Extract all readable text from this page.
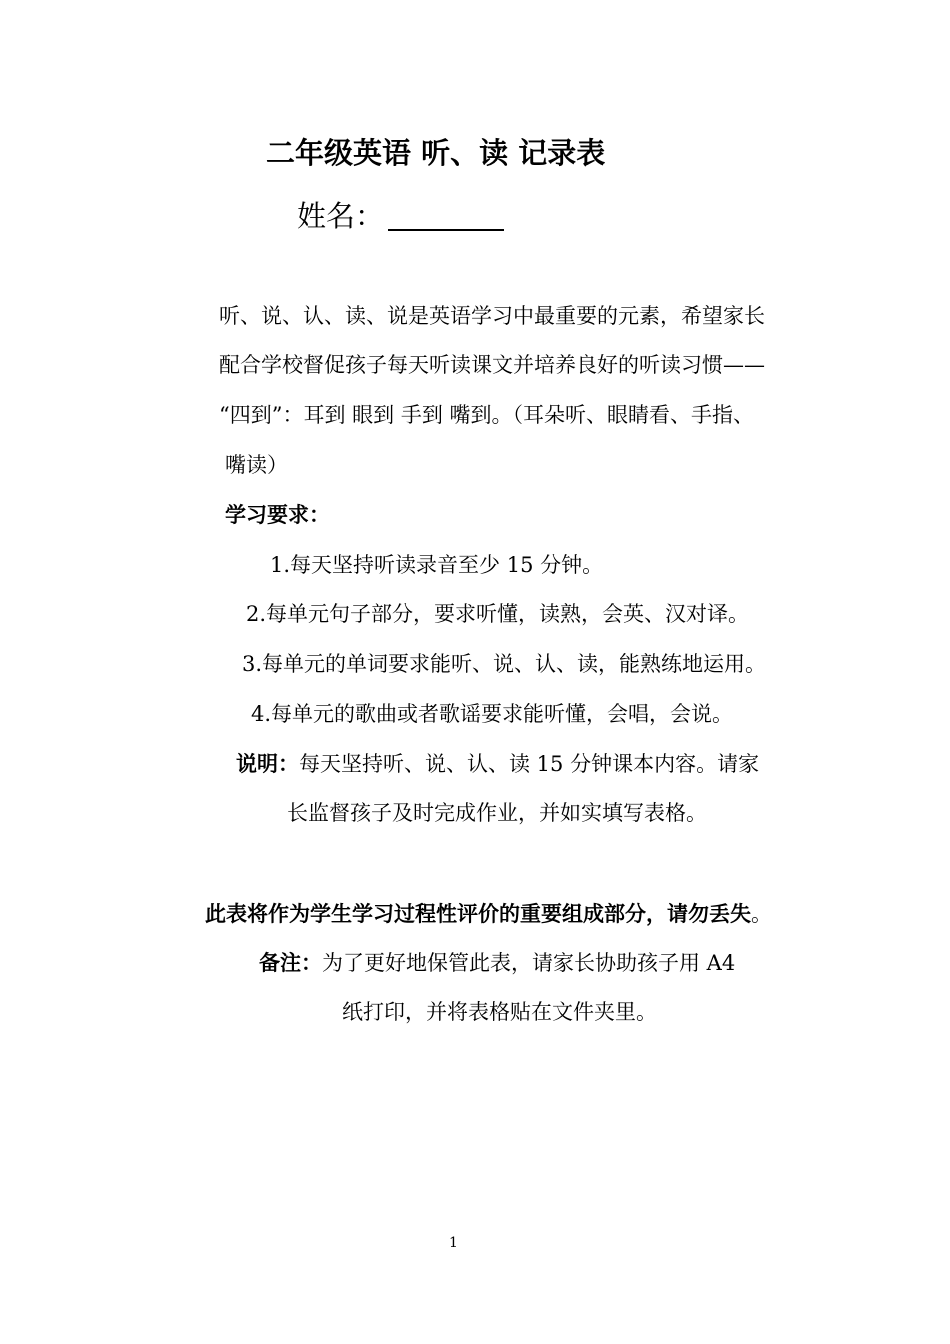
二年级英语 听、读 记录表
姓名：
听、说、认、读、说是英语学习中最重要的元素，希望家长
配合学校督促孩子每天听读课文并培养良好的听读习惯——
“四到”：耳到 眼到 手到 嘴到。（耳朵听、眼睛看、手指、
嘴读）
学习要求：
1.每天坚持听读录音至少 15 分钟。
2.每单元句子部分，要求听懂，读熟，会英、汉对译。
3.每单元的单词要求能听、说、认、读，能熟练地运用。
4.每单元的歌曲或者歌谣要求能听懂，会唱，会说。
说明：每天坚持听、说、认、读 15 分钟课本内容。请家
长监督孩子及时完成作业，并如实填写表格。
此表将作为学生学习过程性评价的重要组成部分，请勿丢失。
备注：为了更好地保管此表，请家长协助孩子用 A4
纸打印，并将表格贴在文件夹里。
1
